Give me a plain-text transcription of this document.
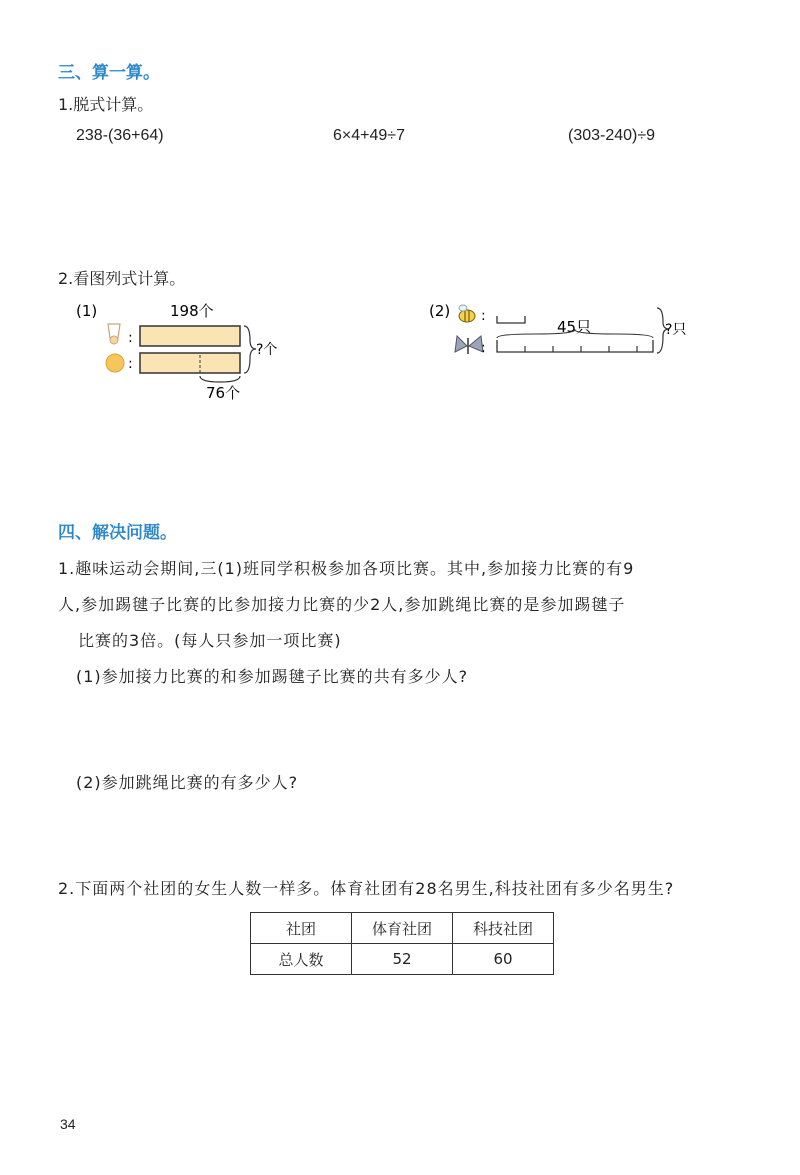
三、算一算。
1.脱式计算。
238-(36+64)	6×4+49÷7	(303-240)÷9
2.看图列式计算。
(1)	198个
:
:
?个
76个
(2) :
45只
:
?只
四、解决问题。
1.趣味运动会期间,三(1)班同学积极参加各项比赛。其中,参加接力比赛的有9
人,参加踢毽子比赛的比参加接力比赛的少2人,参加跳绳比赛的是参加踢毽子
比赛的3倍。(每人只参加一项比赛)
(1)参加接力比赛的和参加踢毽子比赛的共有多少人?
(2)参加跳绳比赛的有多少人?
2.下面两个社团的女生人数一样多。体育社团有28名男生,科技社团有多少名男生?
社团	体育社团	科技社团
总人数	52	60
34
